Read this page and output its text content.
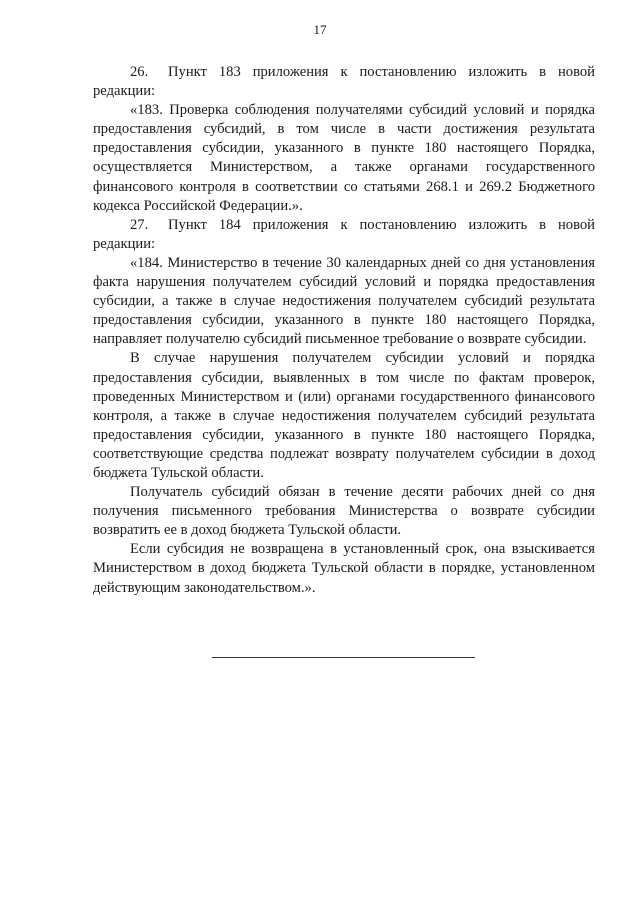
17

26. Пункт 183 приложения к постановлению изложить в новой редакции:

«183. Проверка соблюдения получателями субсидий условий и порядка предоставления субсидий, в том числе в части достижения результата предоставления субсидии, указанного в пункте 180 настоящего Порядка, осуществляется Министерством, а также органами государственного финансового контроля в соответствии со статьями 268.1 и 269.2 Бюджетного кодекса Российской Федерации.».

27. Пункт 184 приложения к постановлению изложить в новой редакции:

«184. Министерство в течение 30 календарных дней со дня установления факта нарушения получателем субсидий условий и порядка предоставления субсидии, а также в случае недостижения получателем субсидий результата предоставления субсидии, указанного в пункте 180 настоящего Порядка, направляет получателю субсидий письменное требование о возврате субсидии.

В случае нарушения получателем субсидии условий и порядка предоставления субсидии, выявленных в том числе по фактам проверок, проведенных Министерством и (или) органами государственного финансового контроля, а также в случае недостижения получателем субсидий результата предоставления субсидии, указанного в пункте 180 настоящего Порядка, соответствующие средства подлежат возврату получателем субсидии в доход бюджета Тульской области.

Получатель субсидий обязан в течение десяти рабочих дней со дня получения письменного требования Министерства о возврате субсидии возвратить ее в доход бюджета Тульской области.

Если субсидия не возвращена в установленный срок, она взыскивается Министерством в доход бюджета Тульской области в порядке, установленном действующим законодательством.».
